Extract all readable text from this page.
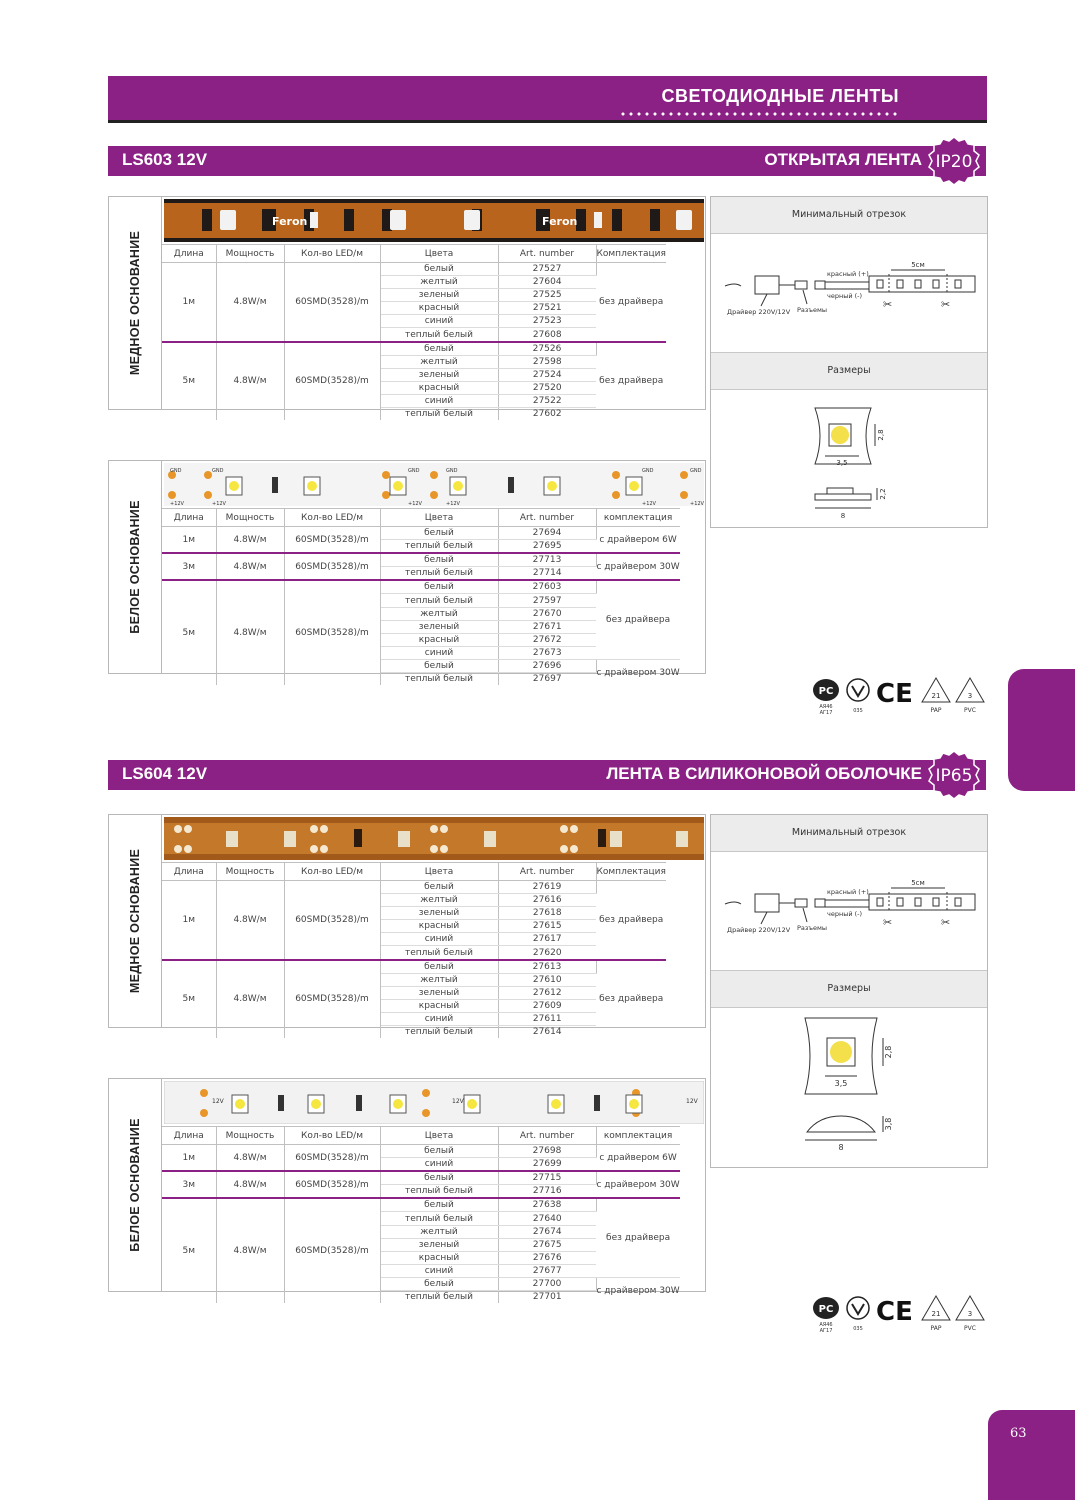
СВЕТОДИОДНЫЕ ЛЕНТЫ
LS603 12V	ОТКРЫТАЯ ЛЕНТА IP20
МЕДНОЕ ОСНОВАНИЕ
Feron	Feron
Длина	Мощность	Кол-во LED/м	Цвета	Art. number	Комплектация
1м	4.8W/м	60SMD(3528)/m	белый	27527	без драйвера
			желтый	27604	
			зеленый	27525	
			красный	27521	
			синий	27523	
			теплый белый	27608	
5м	4.8W/м	60SMD(3528)/m	белый	27526	без драйвера
			желтый	27598	
			зеленый	27524	
			красный	27520	
			синий	27522	
			теплый белый	27602	
БЕЛОЕ ОСНОВАНИЕ
GND	GND
+12V	+12V
GND	GND
+12V	+12V
GND	GND
+12V	+12V
Длина	Мощность	Кол-во LED/м	Цвета	Art. number	комплектация
1м	4.8W/м	60SMD(3528)/m	белый	27694	с драйвером 6W
			теплый белый	27695	
3м	4.8W/м	60SMD(3528)/m	белый	27713	с драйвером 30W
			теплый белый	27714	
5м	4.8W/м	60SMD(3528)/m	белый	27603	без драйвера
			теплый белый	27597	
			желтый	27670	
			зеленый	27671	
			красный	27672	
			синий	27673	
			белый	27696	с драйвером 30W
			теплый белый	27697	
Минимальный отрезок
5см
красный (+)
черный (-)
Драйвер 220V/12V Разъемы	✂	✂
Размеры
3,5
2,8
8
2,2
PC
АЯ46
АГ17	035
CE	21
PAP
3
PVC
LS604 12V	ЛЕНТА В СИЛИКОНОВОЙ ОБОЛОЧКЕ IP65
МЕДНОЕ ОСНОВАНИЕ	Длина	Мощность	Кол-во LED/м	Цвета	Art. number	Комплектация
1м	4.8W/м	60SMD(3528)/m	белый	27619	без драйвера
			желтый	27616	
			зеленый	27618	
			красный	27615	
			синий	27617	
			теплый белый	27620	
5м	4.8W/м	60SMD(3528)/m	белый	27613	без драйвера
			желтый	27610	
			зеленый	27612	
			красный	27609	
			синий	27611	
			теплый белый	27614	
БЕЛОЕ ОСНОВАНИЕ
12V	12V	12V
Длина	Мощность	Кол-во LED/м	Цвета	Art. number	комплектация
1м	4.8W/м	60SMD(3528)/m	белый	27698	с драйвером 6W
			синий	27699	
3м	4.8W/м	60SMD(3528)/m	белый	27715	с драйвером 30W
			теплый белый	27716	
5м	4.8W/м	60SMD(3528)/m	белый	27638	без драйвера
			теплый белый	27640	
			желтый	27674	
			зеленый	27675	
			красный	27676	
			синий	27677	
			белый	27700	с драйвером 30W
			теплый белый	27701	
Минимальный отрезок
5см
красный (+)
черный (-)
Драйвер 220V/12V Разъемы	✂	✂
Размеры
3,5
2,8
8
3,8
PC
АЯ46
АГ17	035
CE	21
PAP
3
PVC
63
